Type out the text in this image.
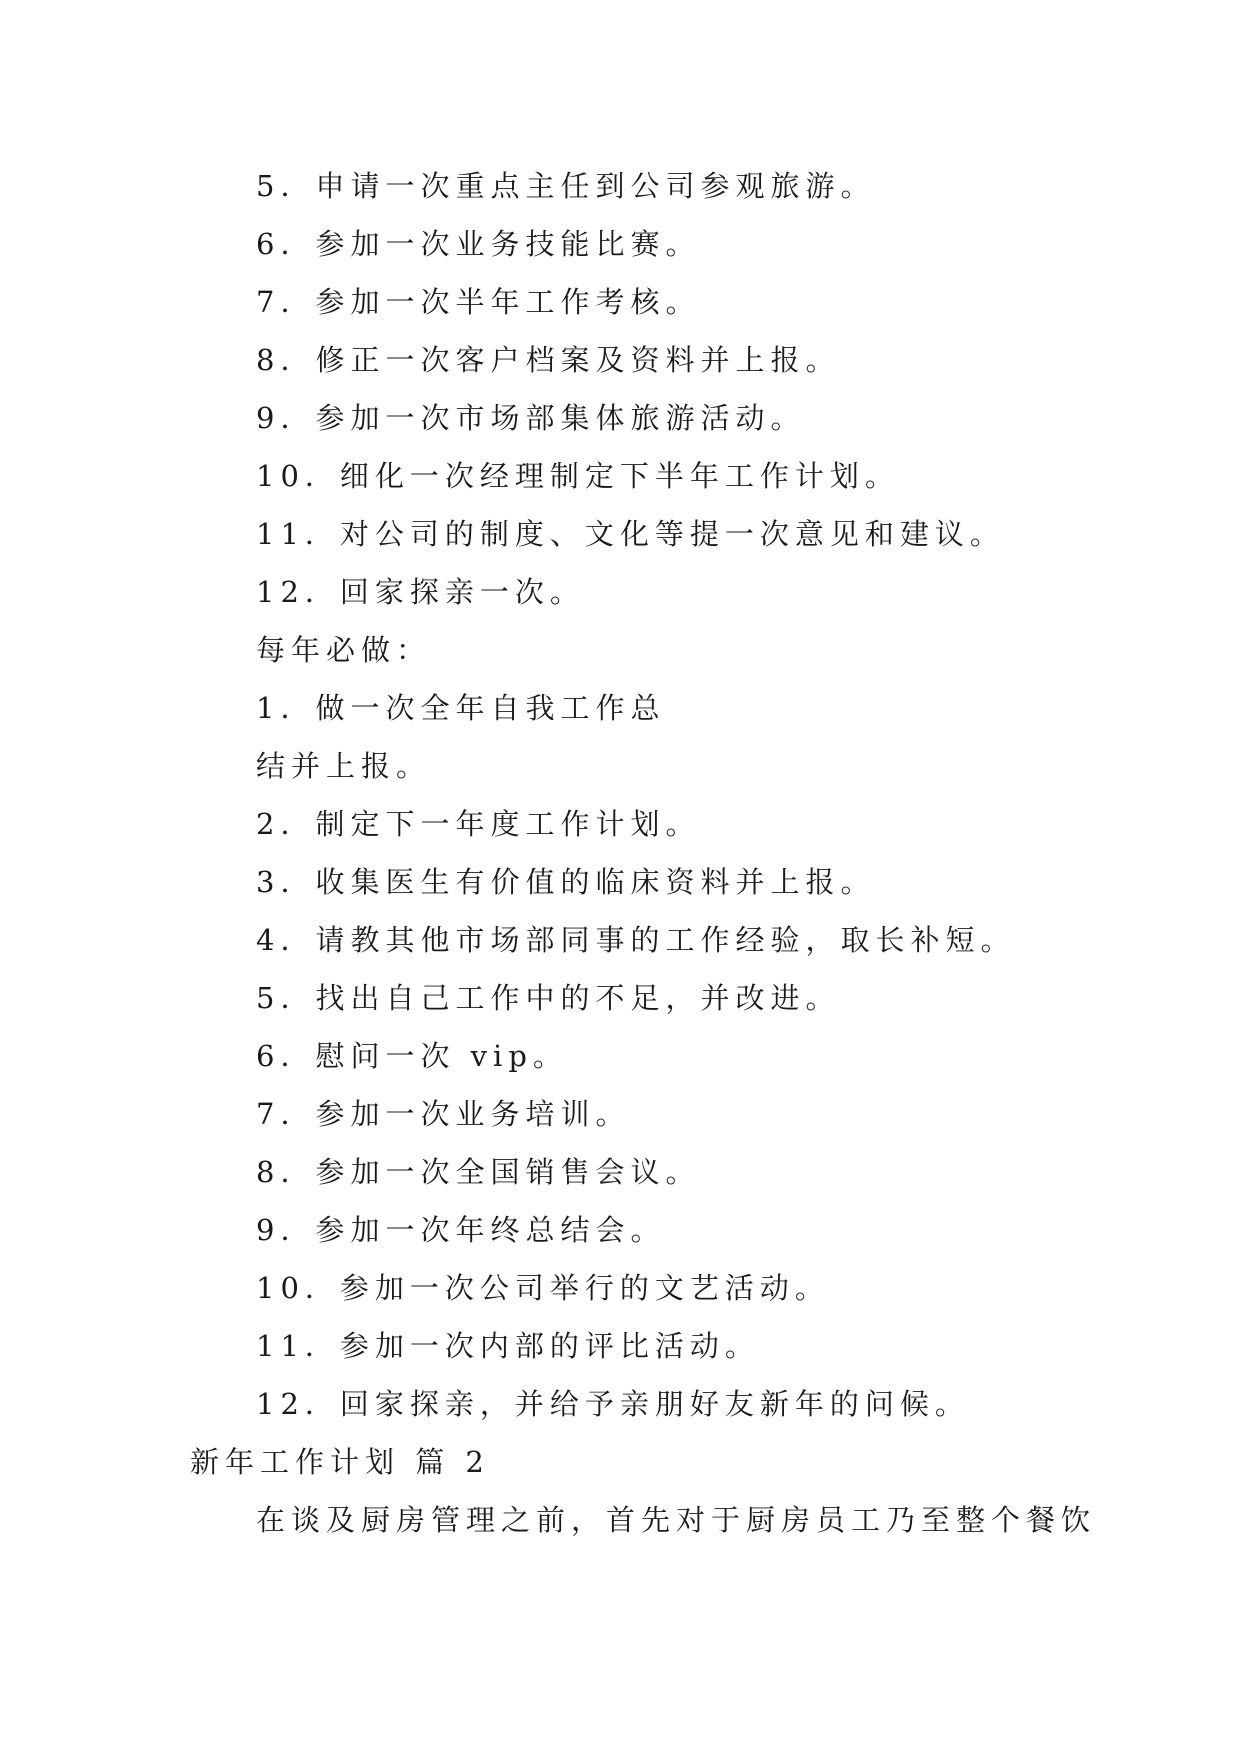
5．申请一次重点主任到公司参观旅游。
6．参加一次业务技能比赛。
7．参加一次半年工作考核。
8．修正一次客户档案及资料并上报。
9．参加一次市场部集体旅游活动。
10．细化一次经理制定下半年工作计划。
11．对公司的制度、文化等提一次意见和建议。
12．回家探亲一次。
每年必做：
1．做一次全年自我工作总
结并上报。
2．制定下一年度工作计划。
3．收集医生有价值的临床资料并上报。
4．请教其他市场部同事的工作经验，取长补短。
5．找出自己工作中的不足，并改进。
6．慰问一次 vip。
7．参加一次业务培训。
8．参加一次全国销售会议。
9．参加一次年终总结会。
10．参加一次公司举行的文艺活动。
11．参加一次内部的评比活动。
12．回家探亲，并给予亲朋好友新年的问候。
新年工作计划 篇 2
在谈及厨房管理之前，首先对于厨房员工乃至整个餐饮
